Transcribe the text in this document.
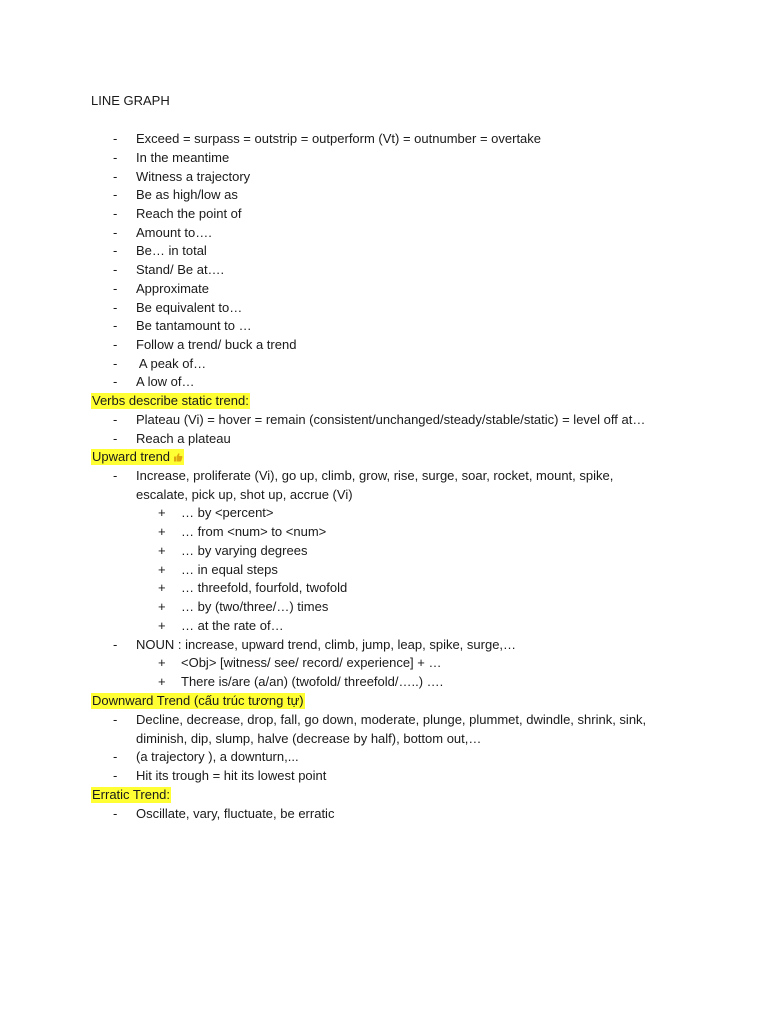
LINE GRAPH
- Exceed = surpass = outstrip = outperform (Vt) = outnumber = overtake
- In the meantime
- Witness a trajectory
- Be as high/low as
- Reach the point of
- Amount to….
- Be… in total
- Stand/ Be at….
- Approximate
- Be equivalent to…
- Be tantamount to …
- Follow a trend/ buck a trend
- A peak of…
- A low of…
Verbs describe static trend:
- Plateau (Vi) = hover = remain (consistent/unchanged/steady/stable/static) = level off at…
- Reach a plateau
Upward trend
- Increase, proliferate (Vi), go up, climb, grow, rise, surge, soar, rocket, mount, spike,
escalate, pick up, shot up, accrue (Vi)
+ … by <percent>
+ … from <num> to <num>
+ … by varying degrees
+ … in equal steps
+ … threefold, fourfold, twofold
+ … by (two/three/…) times
+ … at the rate of…
- NOUN : increase, upward trend, climb, jump, leap, spike, surge,…
+ <Obj> [witness/ see/ record/ experience] + …
+ There is/are (a/an) (twofold/ threefold/…..) ….
Downward Trend (cấu trúc tương tự)
- Decline, decrease, drop, fall, go down, moderate, plunge, plummet, dwindle, shrink, sink,
diminish, dip, slump, halve (decrease by half), bottom out,…
- (a trajectory ), a downturn,...
- Hit its trough = hit its lowest point
Erratic Trend:
- Oscillate, vary, fluctuate, be erratic
